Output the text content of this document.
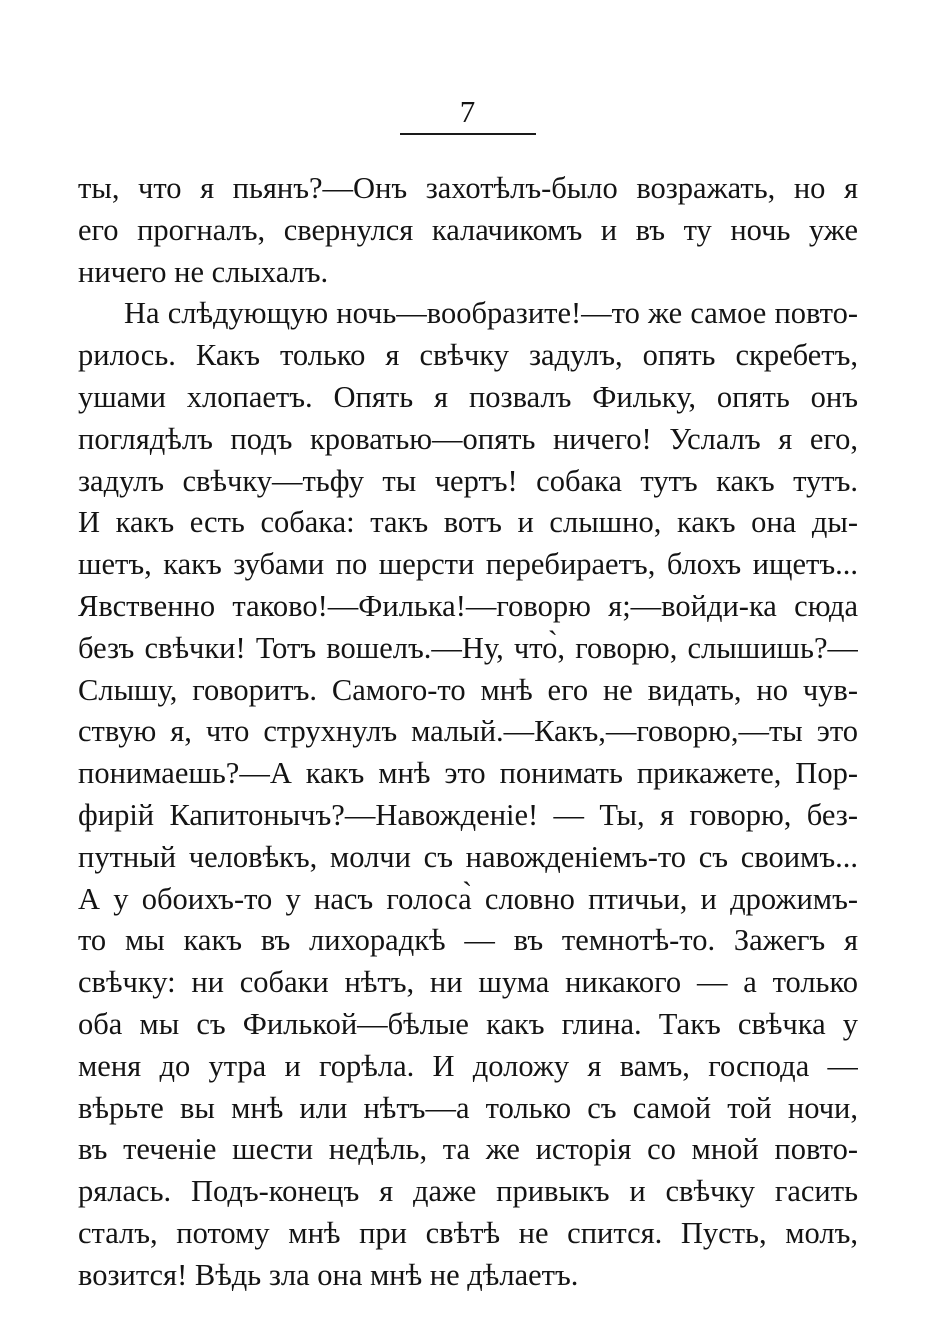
7
ты, что я пьянъ?—Онъ захотѣлъ-было возражать, но я
его прогналъ, свернулся калачикомъ и въ ту ночь уже
ничего не слыхалъ.
На слѣдующую ночь—вообразите!—то же самое повто-
рилось. Какъ только я свѣчку задулъ, опять скребетъ,
ушами хлопаетъ. Опять я позвалъ Фильку, опять онъ
поглядѣлъ подъ кроватью—опять ничего! Услалъ я его,
задулъ свѣчку—тьфу ты чертъ! собака тутъ какъ тутъ.
И какъ есть собака: такъ вотъ и слышно, какъ она ды-
шетъ, какъ зубами по шерсти перебираетъ, блохъ ищетъ...
Явственно таково!—Филька!—говорю я;—войди-ка сюда
безъ свѣчки! Тотъ вошелъ.—Ну, что̀, говорю, слышишь?—
Слышу, говоритъ. Самого-то мнѣ его не видать, но чув-
ствую я, что струхнулъ малый.—Какъ,—говорю,—ты это
понимаешь?—А какъ мнѣ это понимать прикажете, Пор-
фирій Капитонычъ?—Навожденіе! — Ты, я говорю, без-
путный человѣкъ, молчи съ навожденіемъ-то съ своимъ...
А у обоихъ-то у насъ голоса̀ словно птичьи, и дрожимъ-
то мы какъ въ лихорадкѣ — въ темнотѣ-то. Зажегъ я
свѣчку: ни собаки нѣтъ, ни шума никакого — а только
оба мы съ Филькой—бѣлые какъ глина. Такъ свѣчка у
меня до утра и горѣла. И доложу я вамъ, господа —
вѣрьте вы мнѣ или нѣтъ—а только съ самой той ночи,
въ теченіе шести недѣль, та же исторія со мной повто-
рялась. Подъ-конецъ я даже привыкъ и свѣчку гасить
сталъ, потому мнѣ при свѣтѣ не спится. Пусть, молъ,
возится! Вѣдь зла она мнѣ не дѣлаетъ.
